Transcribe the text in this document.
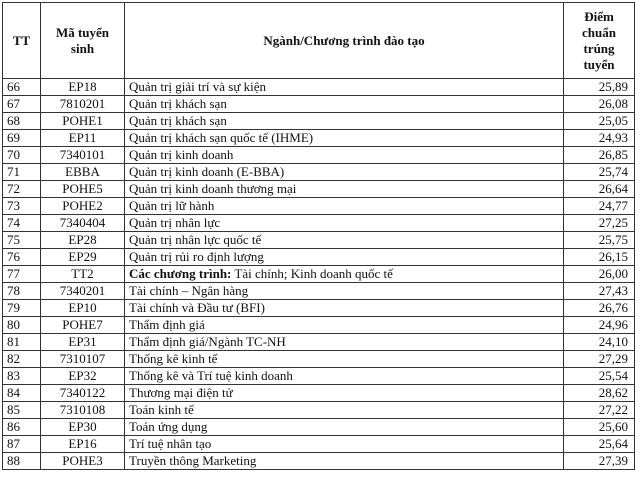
TT	Mã tuyển sinh	Ngành/Chương trình đào tạo	Điểm chuẩn trúng tuyển
66	EP18	Quản trị giải trí và sự kiện	25,89
67	7810201	Quản trị khách sạn	26,08
68	POHE1	Quản trị khách sạn	25,05
69	EP11	Quản trị khách sạn quốc tế (IHME)	24,93
70	7340101	Quản trị kinh doanh	26,85
71	EBBA	Quản trị kinh doanh (E-BBA)	25,74
72	POHE5	Quản trị kinh doanh thương mại	26,64
73	POHE2	Quản trị lữ hành	24,77
74	7340404	Quản trị nhân lực	27,25
75	EP28	Quản trị nhân lực quốc tế	25,75
76	EP29	Quản trị rủi ro định lượng	26,15
77	TT2	Các chương trình: Tài chính; Kinh doanh quốc tế	26,00
78	7340201	Tài chính – Ngân hàng	27,43
79	EP10	Tài chính và Đầu tư (BFI)	26,76
80	POHE7	Thẩm định giá	24,96
81	EP31	Thẩm định giá/Ngành TC-NH	24,10
82	7310107	Thống kê kinh tế	27,29
83	EP32	Thống kê và Trí tuệ kinh doanh	25,54
84	7340122	Thương mại điện tử	28,62
85	7310108	Toán kinh tế	27,22
86	EP30	Toán ứng dụng	25,60
87	EP16	Trí tuệ nhân tạo	25,64
88	POHE3	Truyền thông Marketing	27,39
